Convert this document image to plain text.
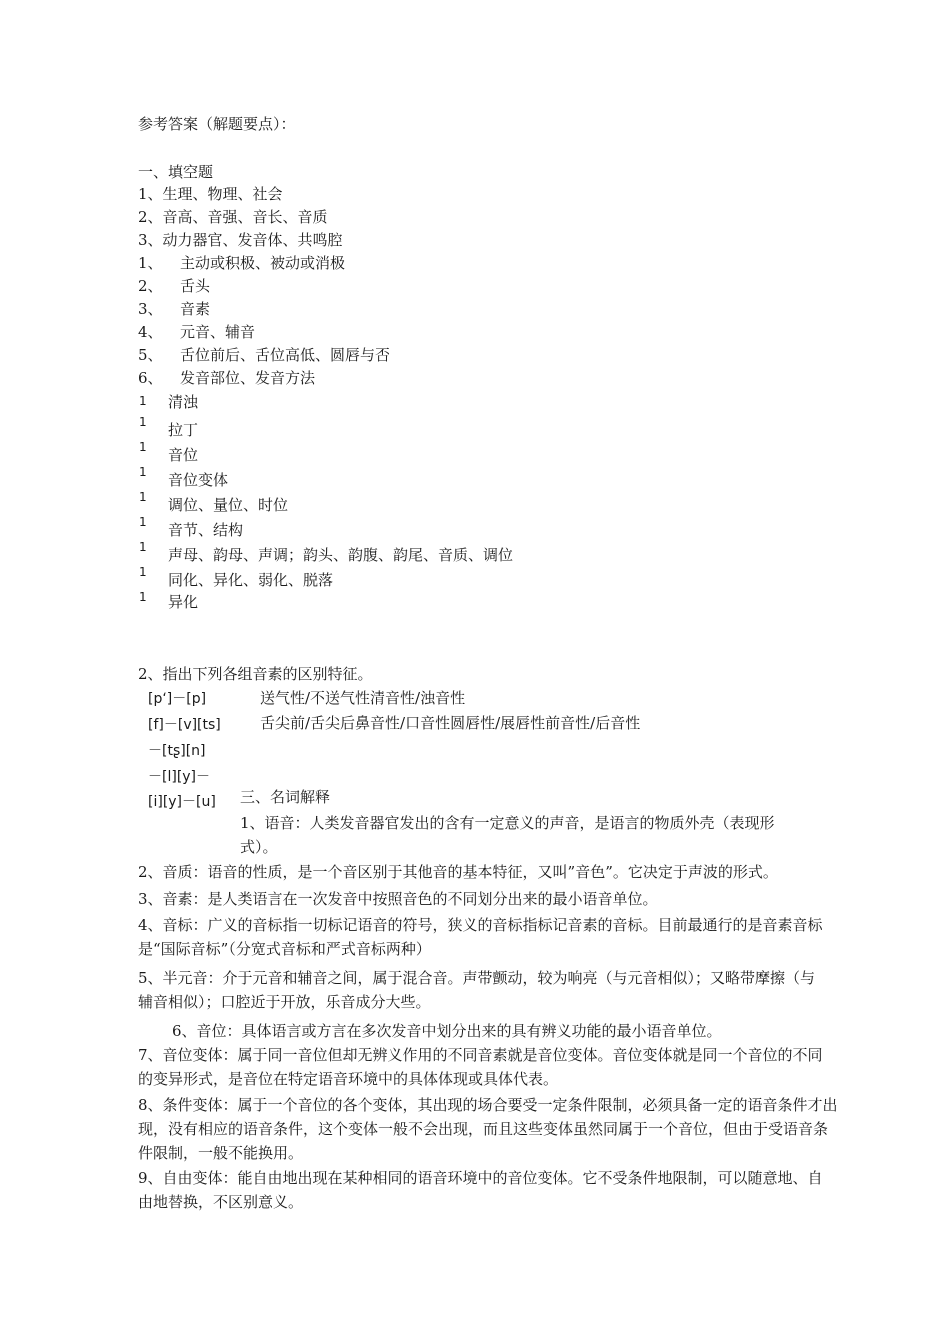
参考答案（解题要点）：
一、填空题
1、生理、物理、社会
2、音高、音强、音长、音质
3、动力器官、发音体、共鸣腔
1、 主动或积极、被动或消极
2、 舌头
3、 音素
4、 元音、辅音
5、 舌位前后、舌位高低、圆唇与否
6、 发音部位、发音方法
1 清浊
1 拉丁
1 音位
1 音位变体
1 调位、量位、时位
1 音节、结构
1 声母、韵母、声调；韵头、韵腹、韵尾、音质、调位
1 同化、异化、弱化、脱落
1 异化
2、指出下列各组音素的区别特征。
[p‘]－[p]
[f]－[v][ts]
－[tʂ][n]
－[l][y]－
[i][y]－[u]
送气性/不送气性清音性/浊音性
舌尖前/舌尖后鼻音性/口音性圆唇性/展唇性前音性/后音性
三、名词解释
1、语音：人类发音器官发出的含有一定意义的声音，是语言的物质外壳（表现形式）。
2、音质：语音的性质，是一个音区别于其他音的基本特征，又叫”音色”。它决定于声波的形式。
3、音素：是人类语言在一次发音中按照音色的不同划分出来的最小语音单位。
4、音标：广义的音标指一切标记语音的符号，狭义的音标指标记音素的音标。目前最通行的是音素音标是“国际音标”（分宽式音标和严式音标两种）
5、半元音：介于元音和辅音之间，属于混合音。声带颤动，较为响亮（与元音相似）；又略带摩擦（与辅音相似）；口腔近于开放，乐音成分大些。
6、音位：具体语言或方言在多次发音中划分出来的具有辨义功能的最小语音单位。
7、音位变体：属于同一音位但却无辨义作用的不同音素就是音位变体。音位变体就是同一个音位的不同的变异形式，是音位在特定语音环境中的具体体现或具体代表。
8、条件变体：属于一个音位的各个变体，其出现的场合要受一定条件限制，必须具备一定的语音条件才出现，没有相应的语音条件，这个变体一般不会出现，而且这些变体虽然同属于一个音位，但由于受语音条件限制，一般不能换用。
9、自由变体：能自由地出现在某种相同的语音环境中的音位变体。它不受条件地限制，可以随意地、自由地替换，不区别意义。
